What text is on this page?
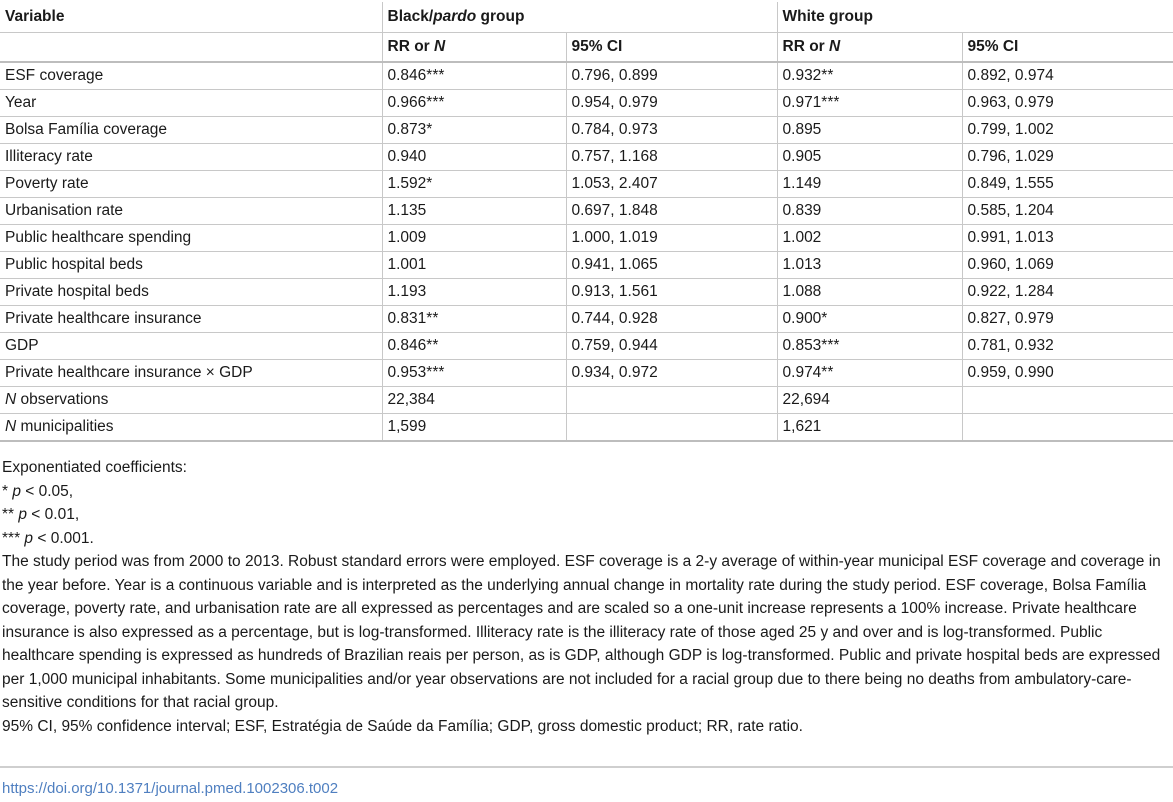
Variable	Black/pardo group		White group	
	RR or N	95% CI	RR or N	95% CI
ESF coverage	0.846***	0.796, 0.899	0.932**	0.892, 0.974
Year	0.966***	0.954, 0.979	0.971***	0.963, 0.979
Bolsa Família coverage	0.873*	0.784, 0.973	0.895	0.799, 1.002
Illiteracy rate	0.940	0.757, 1.168	0.905	0.796, 1.029
Poverty rate	1.592*	1.053, 2.407	1.149	0.849, 1.555
Urbanisation rate	1.135	0.697, 1.848	0.839	0.585, 1.204
Public healthcare spending	1.009	1.000, 1.019	1.002	0.991, 1.013
Public hospital beds	1.001	0.941, 1.065	1.013	0.960, 1.069
Private hospital beds	1.193	0.913, 1.561	1.088	0.922, 1.284
Private healthcare insurance	0.831**	0.744, 0.928	0.900*	0.827, 0.979
GDP	0.846**	0.759, 0.944	0.853***	0.781, 0.932
Private healthcare insurance × GDP	0.953***	0.934, 0.972	0.974**	0.959, 0.990
N observations	22,384		22,694	
N municipalities	1,599		1,621	
Exponentiated coefficients:
* p < 0.05,
** p < 0.01,
*** p < 0.001.
The study period was from 2000 to 2013. Robust standard errors were employed. ESF coverage is a 2-y average of within-year municipal ESF coverage and coverage in the year before. Year is a continuous variable and is interpreted as the underlying annual change in mortality rate during the study period. ESF coverage, Bolsa Família coverage, poverty rate, and urbanisation rate are all expressed as percentages and are scaled so a one-unit increase represents a 100% increase. Private healthcare insurance is also expressed as a percentage, but is log-transformed. Illiteracy rate is the illiteracy rate of those aged 25 y and over and is log-transformed. Public healthcare spending is expressed as hundreds of Brazilian reais per person, as is GDP, although GDP is log-transformed. Public and private hospital beds are expressed per 1,000 municipal inhabitants. Some municipalities and/or year observations are not included for a racial group due to there being no deaths from ambulatory-care-sensitive conditions for that racial group.
95% CI, 95% confidence interval; ESF, Estratégia de Saúde da Família; GDP, gross domestic product; RR, rate ratio.
https://doi.org/10.1371/journal.pmed.1002306.t002
